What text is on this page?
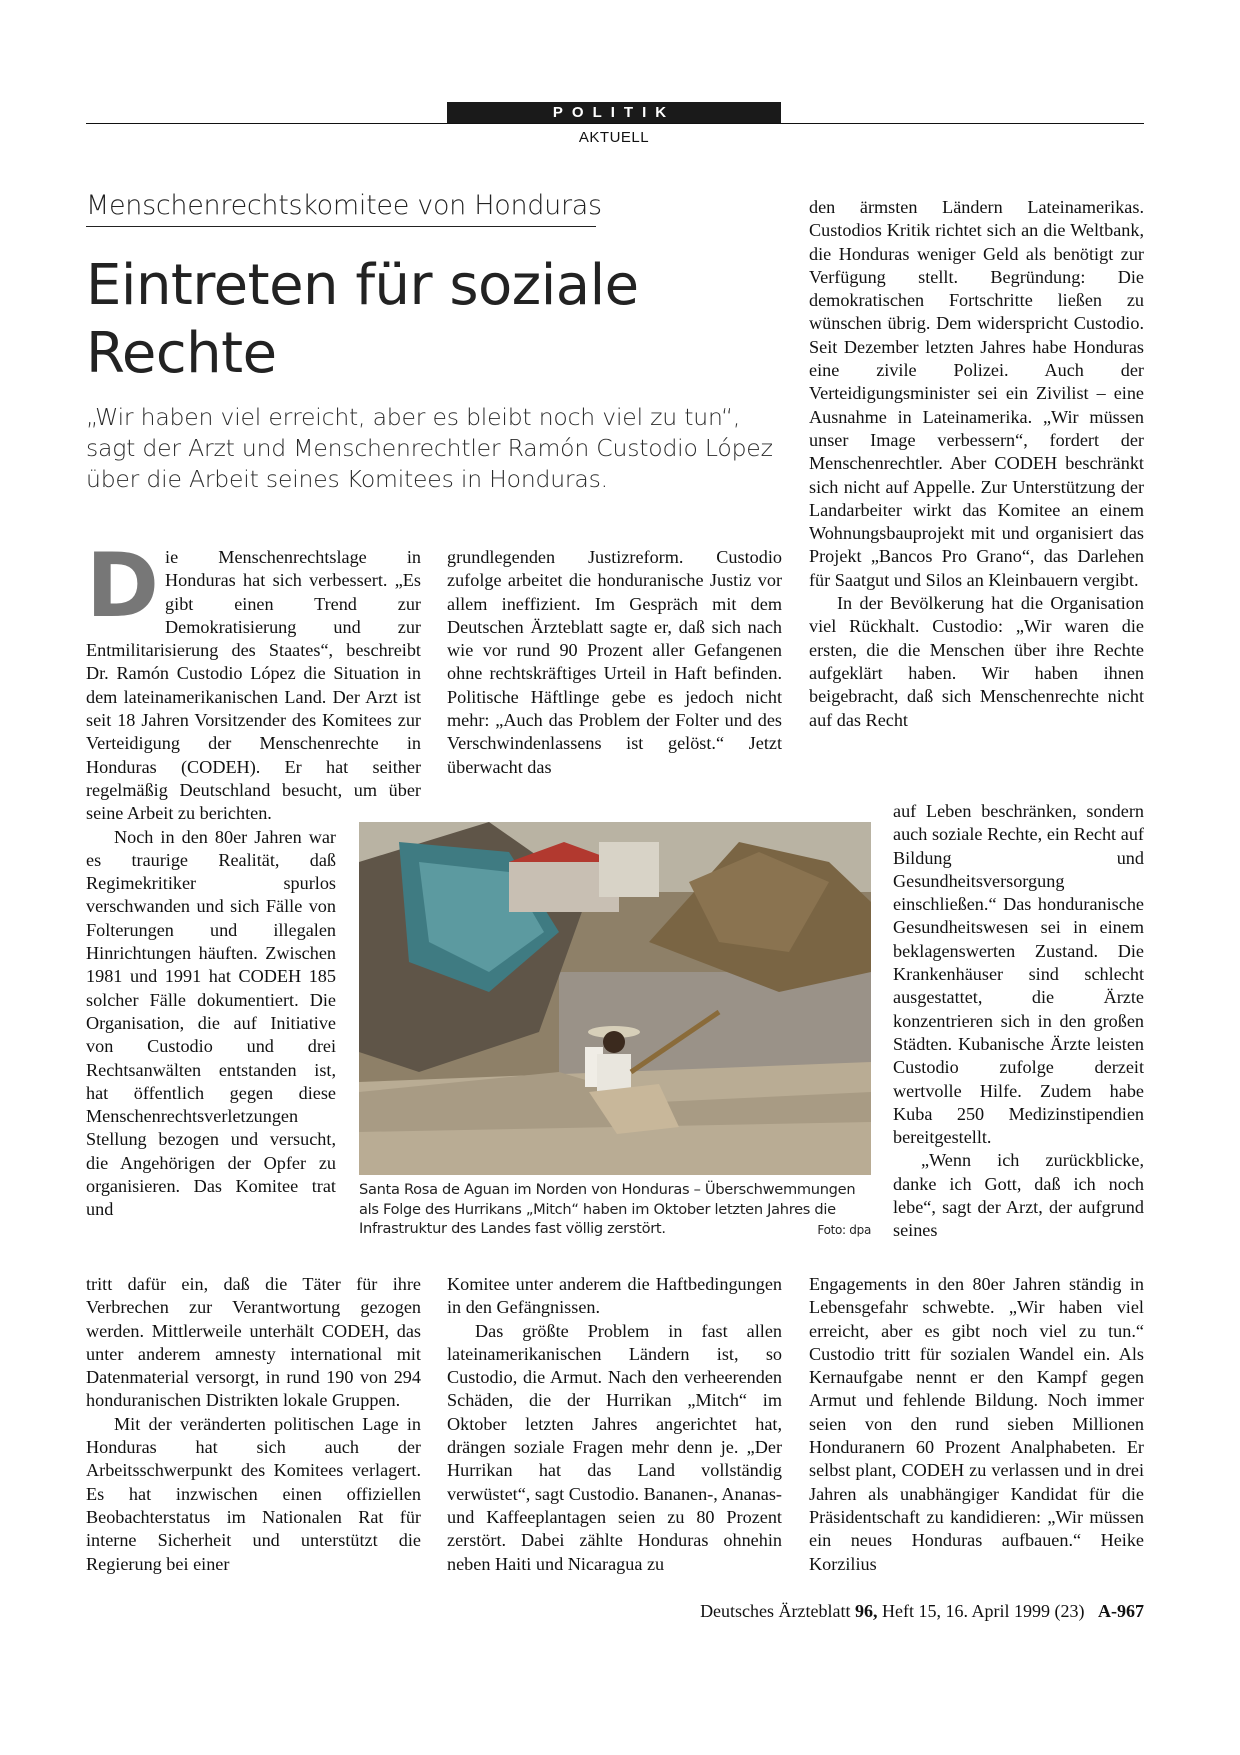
POLITIK
AKTUELL
Menschenrechtskomitee von Honduras
Eintreten für soziale Rechte
„Wir haben viel erreicht, aber es bleibt noch viel zu tun“, sagt der Arzt und Menschenrechtler Ramón Custodio López über die Arbeit seines Komitees in Honduras.

Die Menschenrechtslage in Honduras hat sich verbessert. „Es gibt einen Trend zur Demokratisierung und zur Entmilitarisierung des Staates“, beschreibt Dr. Ramón Custodio López die Situation in dem lateinamerikanischen Land. Der Arzt ist seit 18 Jahren Vorsitzender des Komitees zur Verteidigung der Menschenrechte in Honduras (CODEH). Er hat seither regelmäßig Deutschland besucht, um über seine Arbeit zu berichten.

Noch in den 80er Jahren war es traurige Realität, daß Regimekritiker spurlos verschwanden und sich Fälle von Folterungen und illegalen Hinrichtungen häuften. Zwischen 1981 und 1991 hat CODEH 185 solcher Fälle dokumentiert. Die Organisation, die auf Initiative von Custodio und drei Rechtsanwälten entstanden ist, hat öffentlich gegen diese Menschenrechtsverletzungen Stellung bezogen und versucht, die Angehörigen der Opfer zu organisieren. Das Komitee trat und

tritt dafür ein, daß die Täter für ihre Verbrechen zur Verantwortung gezogen werden. Mittlerweile unterhält CODEH, das unter anderem amnesty international mit Datenmaterial versorgt, in rund 190 von 294 honduranischen Distrikten lokale Gruppen.

Mit der veränderten politischen Lage in Honduras hat sich auch der Arbeitsschwerpunkt des Komitees verlagert. Es hat inzwischen einen offiziellen Beobachterstatus im Nationalen Rat für interne Sicherheit und unterstützt die Regierung bei einer

grundlegenden Justizreform. Custodio zufolge arbeitet die honduranische Justiz vor allem ineffizient. Im Gespräch mit dem Deutschen Ärzteblatt sagte er, daß sich nach wie vor rund 90 Prozent aller Gefangenen ohne rechtskräftiges Urteil in Haft befinden. Politische Häftlinge gebe es jedoch nicht mehr: „Auch das Problem der Folter und des Verschwindenlassens ist gelöst.“ Jetzt überwacht das

Komitee unter anderem die Haftbedingungen in den Gefängnissen.

Das größte Problem in fast allen lateinamerikanischen Ländern ist, so Custodio, die Armut. Nach den verheerenden Schäden, die der Hurrikan „Mitch“ im Oktober letzten Jahres angerichtet hat, drängen soziale Fragen mehr denn je. „Der Hurrikan hat das Land vollständig verwüstet“, sagt Custodio. Bananen-, Ananas- und Kaffeeplantagen seien zu 80 Prozent zerstört. Dabei zählte Honduras ohnehin neben Haiti und Nicaragua zu

den ärmsten Ländern Lateinamerikas. Custodios Kritik richtet sich an die Weltbank, die Honduras weniger Geld als benötigt zur Verfügung stellt. Begründung: Die demokratischen Fortschritte ließen zu wünschen übrig. Dem widerspricht Custodio. Seit Dezember letzten Jahres habe Honduras eine zivile Polizei. Auch der Verteidigungsminister sei ein Zivilist – eine Ausnahme in Lateinamerika. „Wir müssen unser Image verbessern“, fordert der Menschenrechtler. Aber CODEH beschränkt sich nicht auf Appelle. Zur Unterstützung der Landarbeiter wirkt das Komitee an einem Wohnungsbauprojekt mit und organisiert das Projekt „Bancos Pro Grano“, das Darlehen für Saatgut und Silos an Kleinbauern vergibt.

In der Bevölkerung hat die Organisation viel Rückhalt. Custodio: „Wir waren die ersten, die die Menschen über ihre Rechte aufgeklärt haben. Wir haben ihnen beigebracht, daß sich Menschenrechte nicht auf das Recht

auf Leben beschränken, sondern auch soziale Rechte, ein Recht auf Bildung und Gesundheitsversorgung einschließen.“ Das honduranische Gesundheitswesen sei in einem beklagenswerten Zustand. Die Krankenhäuser sind schlecht ausgestattet, die Ärzte konzentrieren sich in den großen Städten. Kubanische Ärzte leisten Custodio zufolge derzeit wertvolle Hilfe. Zudem habe Kuba 250 Medizinstipendien bereitgestellt.

„Wenn ich zurückblicke, danke ich Gott, daß ich noch lebe“, sagt der Arzt, der aufgrund seines

Engagements in den 80er Jahren ständig in Lebensgefahr schwebte. „Wir haben viel erreicht, aber es gibt noch viel zu tun.“ Custodio tritt für sozialen Wandel ein. Als Kernaufgabe nennt er den Kampf gegen Armut und fehlende Bildung. Noch immer seien von den rund sieben Millionen Honduranern 60 Prozent Analphabeten. Er selbst plant, CODEH zu verlassen und in drei Jahren als unabhängiger Kandidat für die Präsidentschaft zu kandidieren: „Wir müssen ein neues Honduras aufbauen.“ Heike Korzilius

Santa Rosa de Aguan im Norden von Honduras – Überschwemmungen als Folge des Hurrikans „Mitch“ haben im Oktober letzten Jahres die Infrastruktur des Landes fast völlig zerstört.	Foto: dpa
Deutsches Ärzteblatt 96, Heft 15, 16. April 1999 (23) A-967
